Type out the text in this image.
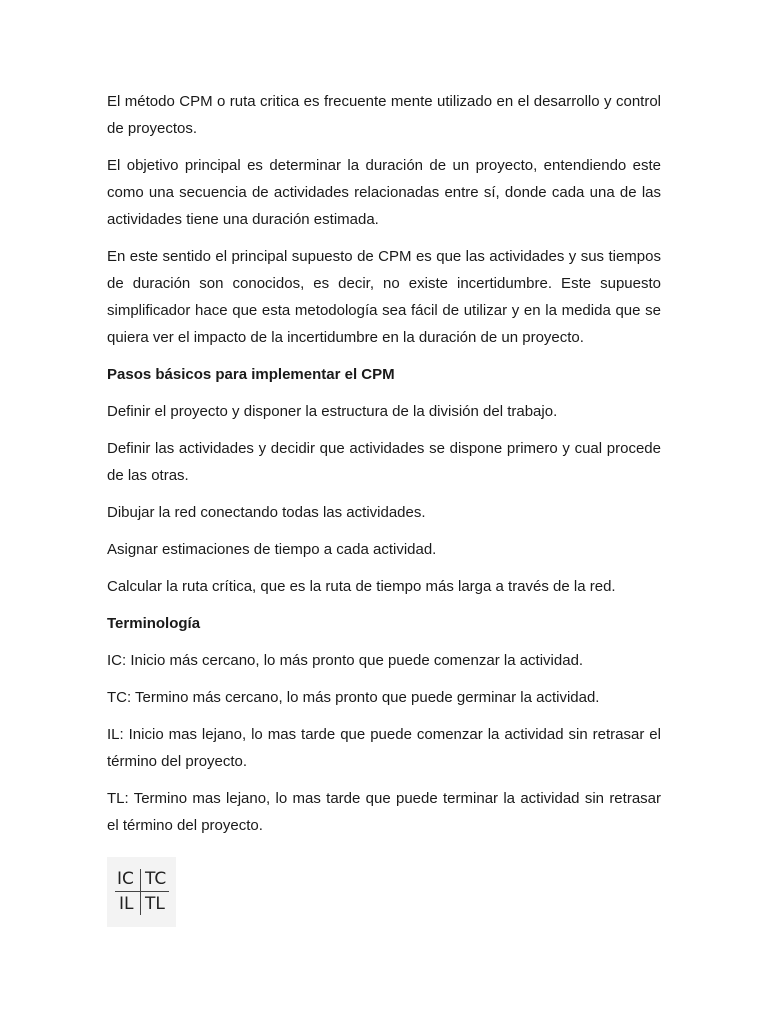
El método CPM o ruta critica es frecuente mente utilizado en el desarrollo y control de proyectos.

El objetivo principal es determinar la duración de un proyecto, entendiendo este como una secuencia de actividades relacionadas entre sí, donde cada una de las actividades tiene una duración estimada.

En este sentido el principal supuesto de CPM es que las actividades y sus tiempos de duración son conocidos, es decir, no existe incertidumbre. Este supuesto simplificador hace que esta metodología sea fácil de utilizar y en la medida que se quiera ver el impacto de la incertidumbre en la duración de un proyecto.

Pasos básicos para implementar el CPM

Definir el proyecto y disponer la estructura de la división del trabajo.

Definir las actividades y decidir que actividades se dispone primero y cual procede de las otras.

Dibujar la red conectando todas las actividades.

Asignar estimaciones de tiempo a cada actividad.

Calcular la ruta crítica, que es la ruta de tiempo más larga a través de la red.

Terminología

IC: Inicio más cercano, lo más pronto que puede comenzar la actividad.

TC: Termino más cercano, lo más pronto que puede germinar la actividad.

IL: Inicio mas lejano, lo mas tarde que puede comenzar la actividad sin retrasar el término del proyecto.

TL: Termino mas lejano, lo mas tarde que puede terminar la actividad sin retrasar el término del proyecto.

IC TC
IL TL
